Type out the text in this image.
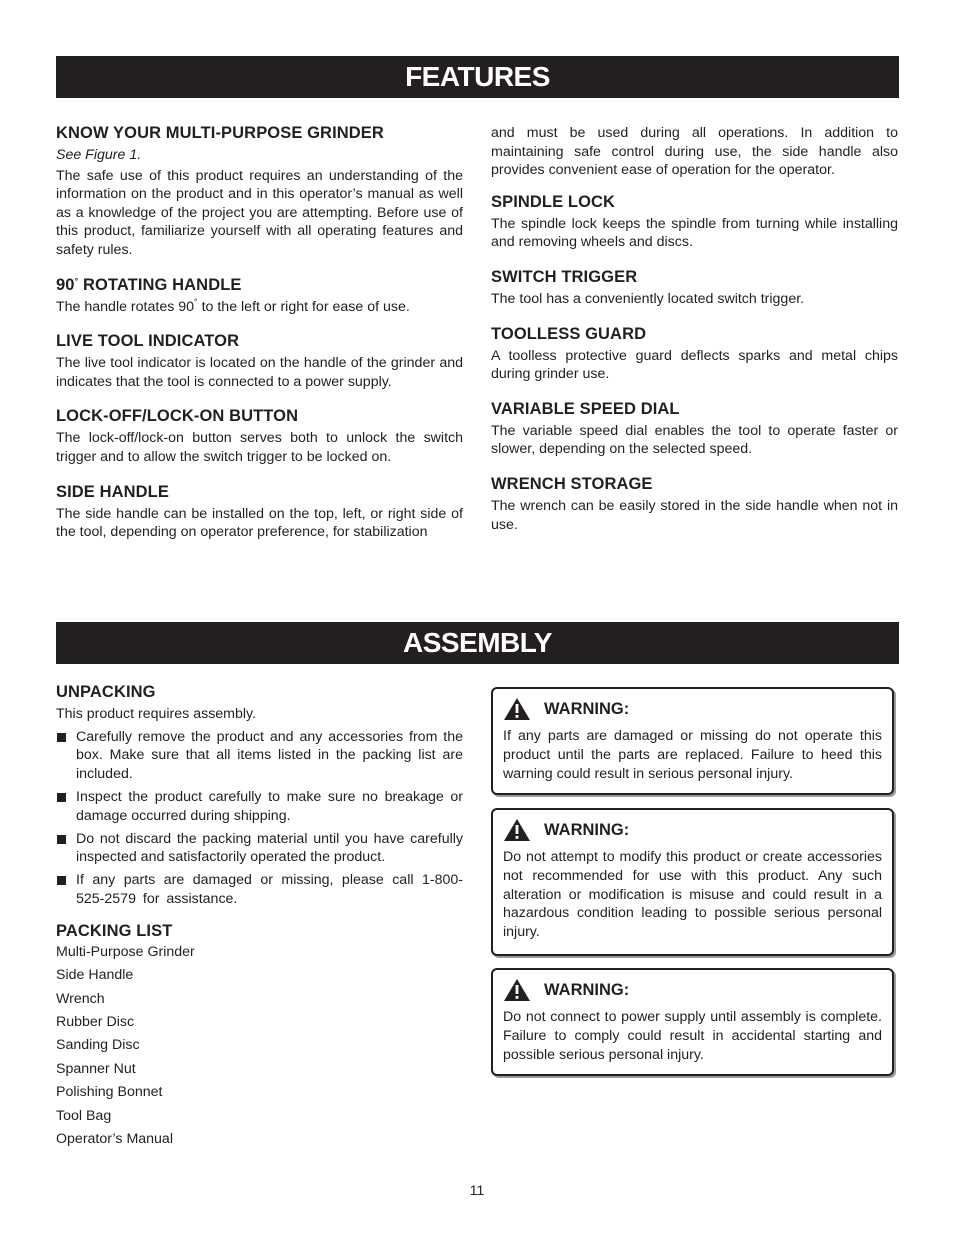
FEATURES
KNOW YOUR MULTI-PURPOSE GRINDER

See Figure 1.

The safe use of this product requires an understanding of the information on the product and in this operator’s manual as well as a knowledge of the project you are attempting. Before use of this product, familiarize yourself with all operating features and safety rules.

90° ROTATING HANDLE

The handle rotates 90° to the left or right for ease of use.

LIVE TOOL INDICATOR

The live tool indicator is located on the handle of the grinder and indicates that the tool is connected to a power supply.

LOCK-OFF/LOCK-ON BUTTON

The lock-off/lock-on button serves both to unlock the switch trigger and to allow the switch trigger to be locked on.

SIDE HANDLE

The side handle can be installed on the top, left, or right side of the tool, depending on operator preference, for stabilization

and must be used during all operations. In addition to maintaining safe control during use, the side handle also provides convenient ease of operation for the operator.

SPINDLE LOCK

The spindle lock keeps the spindle from turning while installing and removing wheels and discs.

SWITCH TRIGGER

The tool has a conveniently located switch trigger.

TOOLLESS GUARD

A toolless protective guard deflects sparks and metal chips during grinder use.

VARIABLE SPEED DIAL

The variable speed dial enables the tool to operate faster or slower, depending on the selected speed.

WRENCH STORAGE

The wrench can be easily stored in the side handle when not in use.

ASSEMBLY
UNPACKING

This product requires assembly.

Carefully remove the product and any accessories from the box. Make sure that all items listed in the packing list are included.
Inspect the product carefully to make sure no breakage or damage occurred during shipping.
Do not discard the packing material until you have carefully inspected and satisfactorily operated the product.
If any parts are damaged or missing, please call 1-800-525-2579 for assistance.
PACKING LIST
Multi-Purpose Grinder
Side Handle
Wrench
Rubber Disc
Sanding Disc
Spanner Nut
Polishing Bonnet
Tool Bag
Operator’s Manual
WARNING:

If any parts are damaged or missing do not operate this product until the parts are replaced. Failure to heed this warning could result in serious personal injury.

WARNING:

Do not attempt to modify this product or create accessories not recommended for use with this product. Any such alteration or modification is misuse and could result in a hazardous condition leading to possible serious personal injury.

WARNING:

Do not connect to power supply until assembly is complete. Failure to comply could result in accidental starting and possible serious personal injury.

11
